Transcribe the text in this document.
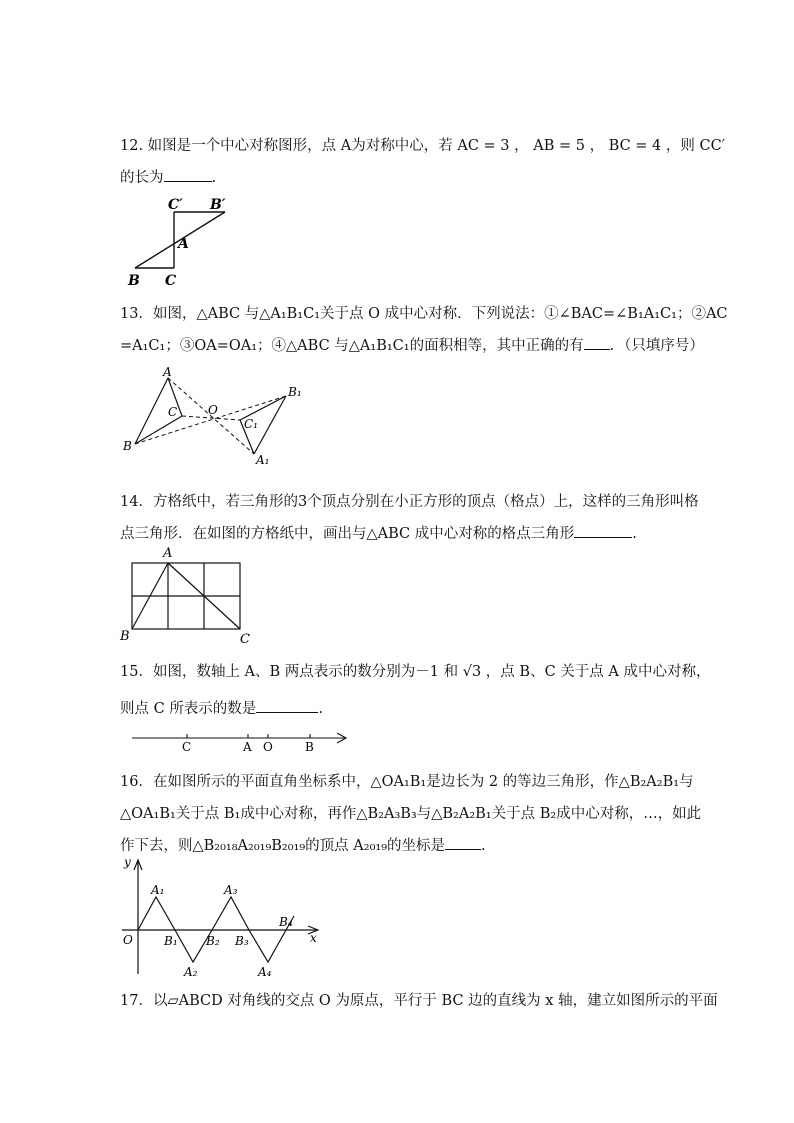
12. 如图是一个中心对称图形，点 A为对称中心，若 AC = 3 ， AB = 5 ， BC = 4 ，则 CC′
的长为	.
C′ B′
A
B C
13．如图，△ABC 与△A₁B₁C₁关于点 O 成中心对称．下列说法：①∠BAC=∠B₁A₁C₁；②AC
=A₁C₁；③OA=OA₁；④△ABC 与△A₁B₁C₁的面积相等，其中正确的有 ．（只填序号）
A
C	O
B₁
C₁
B
A₁
14．方格纸中，若三角形的3个顶点分别在小正方形的顶点（格点）上，这样的三角形叫格
点三角形．在如图的方格纸中，画出与△ABC 成中心对称的格点三角形	.
A
B	C
15．如图，数轴上 A、B 两点表示的数分别为－1 和 √3 ，点 B、C 关于点 A 成中心对称，
则点 C 所表示的数是	.
C	A O	B
16．在如图所示的平面直角坐标系中，△OA₁B₁是边长为 2 的等边三角形，作△B₂A₂B₁与
△OA₁B₁关于点 B₁成中心对称，再作△B₂A₃B₃与△B₂A₂B₁关于点 B₂成中心对称，…，如此
作下去，则△B₂₀₁₈A₂₀₁₉B₂₀₁₉的顶点 A₂₀₁₉的坐标是 .
y
x
O
A₁	A₃
B₁ B₂ B₃
B₄
A₂	A₄
17．以▱ABCD 对角线的交点 O 为原点，平行于 BC 边的直线为 x 轴，建立如图所示的平面
